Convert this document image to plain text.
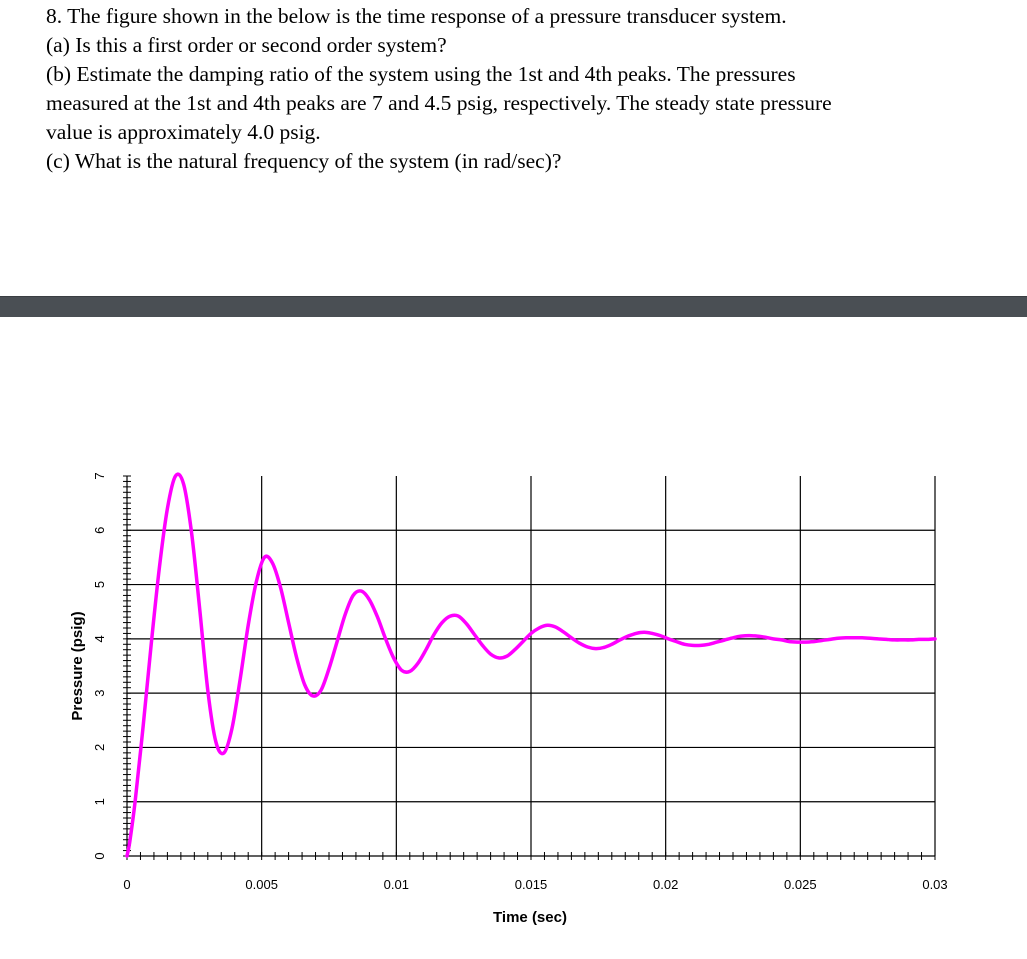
8. The figure shown in the below is the time response of a pressure transducer system.

(a) Is this a first order or second order system?

(b) Estimate the damping ratio of the system using the 1st and 4th peaks. The pressures

measured at the 1st and 4th peaks are 7 and 4.5 psig, respectively. The steady state pressure

value is approximately 4.0 psig.

(c) What is the natural frequency of the system (in rad/sec)?

0	0.005	0.01	0.015	0.02	0.025	0.03
0
1
2
3
4
5
6
7
Time (sec)
Pressure (psig)
